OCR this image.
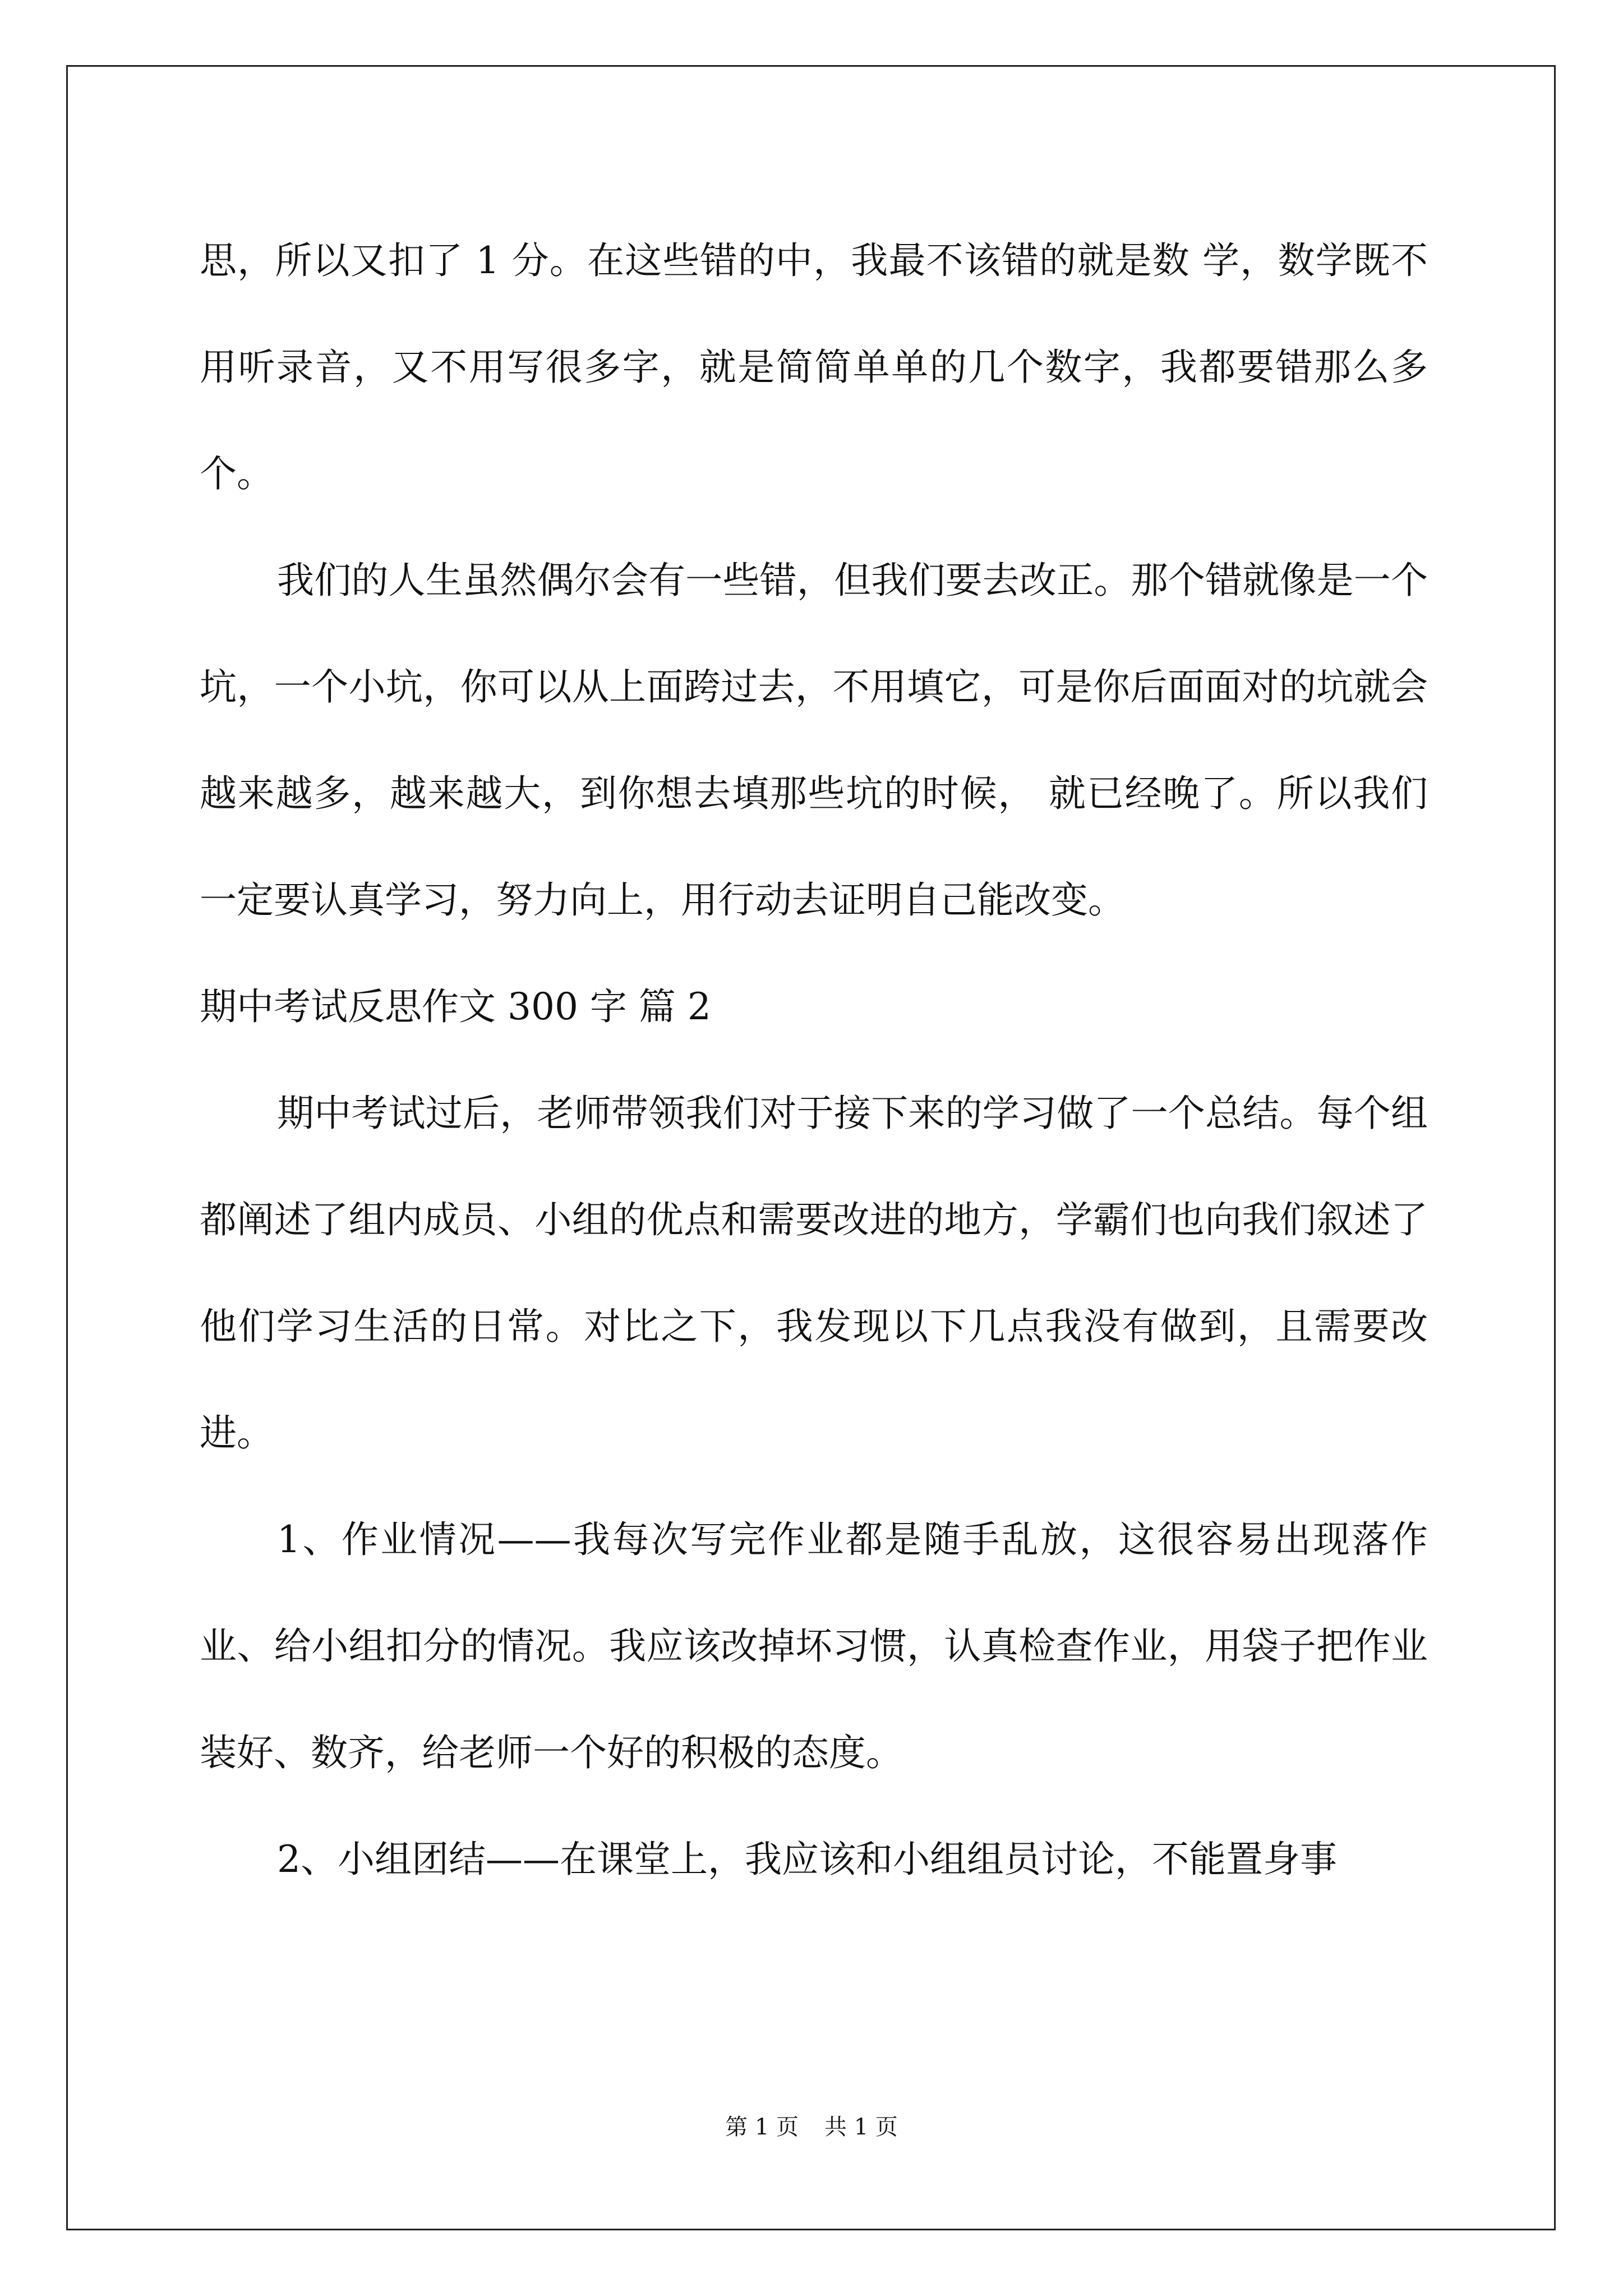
思，所以又扣了 1 分。在这些错的中，我最不该错的就是数 学，数学既不用听录音，又不用写很多字，就是简简单单的几个数字，我都要错那么多个。

我们的人生虽然偶尔会有一些错，但我们要去改正。那个错就像是一个坑，一个小坑，你可以从上面跨过去，不用填它，可是你后面面对的坑就会越来越多，越来越大，到你想去填那些坑的时候， 就已经晚了。所以我们一定要认真学习，努力向上，用行动去证明自己能改变。

期中考试反思作文 300 字 篇 2

期中考试过后，老师带领我们对于接下来的学习做了一个总结。每个组都阐述了组内成员、小组的优点和需要改进的地方，学霸们也向我们叙述了他们学习生活的日常。对比之下，我发现以下几点我没有做到，且需要改进。

1、作业情况——我每次写完作业都是随手乱放，这很容易出现落作业、给小组扣分的情况。我应该改掉坏习惯，认真检查作业，用袋子把作业装好、数齐，给老师一个好的积极的态度。

2、小组团结——在课堂上，我应该和小组组员讨论，不能置身事

第 1 页 共 1 页
